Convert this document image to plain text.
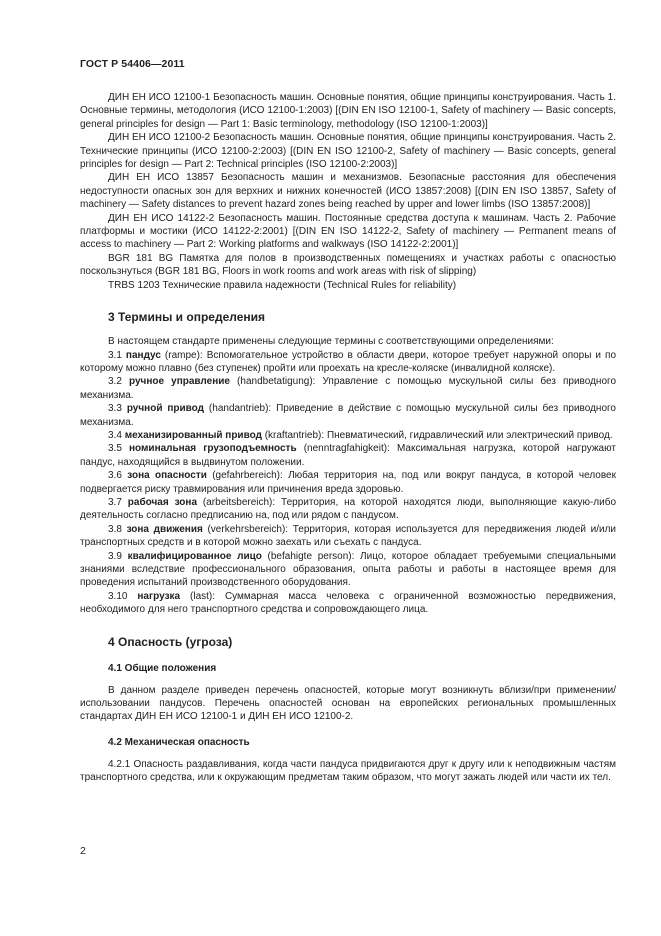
ГОСТ Р 54406—2011

ДИН ЕН ИСО 12100-1 Безопасность машин. Основные понятия, общие принципы конструирования. Часть 1. Основные термины, методология (ИСО 12100-1:2003) [(DIN EN ISO 12100-1, Safety of machinery — Basic concepts, general principles for design — Part 1: Basic terminology, methodology (ISO 12100-1:2003)]

ДИН ЕН ИСО 12100-2 Безопасность машин. Основные понятия, общие принципы конструирования. Часть 2. Технические принципы (ИСО 12100-2:2003) [(DIN EN ISO 12100-2, Safety of machinery — Basic concepts, general principles for design — Part 2: Technical principles (ISO 12100-2:2003)]

ДИН ЕН ИСО 13857 Безопасность машин и механизмов. Безопасные расстояния для обеспечения недоступности опасных зон для верхних и нижних конечностей (ИСО 13857:2008) [(DIN EN ISO 13857, Safety of machinery — Safety distances to prevent hazard zones being reached by upper and lower limbs (ISO 13857:2008)]

ДИН ЕН ИСО 14122-2 Безопасность машин. Постоянные средства доступа к машинам. Часть 2. Рабочие платформы и мостики (ИСО 14122-2:2001) [(DIN EN ISO 14122-2, Safety of machinery — Permanent means of access to machinery — Part 2: Working platforms and walkways (ISO 14122-2:2001)]

BGR 181 BG Памятка для полов в производственных помещениях и участках работы с опасностью поскользнуться (BGR 181 BG, Floors in work rooms and work areas with risk of slipping)

TRBS 1203 Технические правила надежности (Technical Rules for reliability)

3 Термины и определения

В настоящем стандарте применены следующие термины с соответствующими определениями:

3.1 пандус (rampe): Вспомогательное устройство в области двери, которое требует наружной опоры и по которому можно плавно (без ступенек) пройти или проехать на кресле-коляске (инвалидной коляске).

3.2 ручное управление (handbetatigung): Управление с помощью мускульной силы без приводного механизма.

3.3 ручной привод (handantrieb): Приведение в действие с помощью мускульной силы без приводного механизма.

3.4 механизированный привод (kraftantrieb): Пневматический, гидравлический или электрический привод.

3.5 номинальная грузоподъемность (nenntragfahigkeit): Максимальная нагрузка, которой нагружают пандус, находящийся в выдвинутом положении.

3.6 зона опасности (gefahrbereich): Любая территория на, под или вокруг пандуса, в которой человек подвергается риску травмирования или причинения вреда здоровью.

3.7 рабочая зона (arbeitsbereich): Территория, на которой находятся люди, выполняющие какую-либо деятельность согласно предписанию на, под или рядом с пандусом.

3.8 зона движения (verkehrsbereich): Территория, которая используется для передвижения людей и/или транспортных средств и в которой можно заехать или съехать с пандуса.

3.9 квалифицированное лицо (befahigte person): Лицо, которое обладает требуемыми специальными знаниями вследствие профессионального образования, опыта работы и работы в настоящее время для проведения испытаний производственного оборудования.

3.10 нагрузка (last): Суммарная масса человека с ограниченной возможностью передвижения, необходимого для него транспортного средства и сопровождающего лица.

4 Опасность (угроза)
4.1 Общие положения

В данном разделе приведен перечень опасностей, которые могут возникнуть вблизи/при применении/использовании пандусов. Перечень опасностей основан на европейских региональных промышленных стандартах ДИН ЕН ИСО 12100-1 и ДИН ЕН ИСО 12100-2.

4.2 Механическая опасность

4.2.1 Опасность раздавливания, когда части пандуса придвигаются друг к другу или к неподвижным частям транспортного средства, или к окружающим предметам таким образом, что могут зажать людей или части их тел.

2
